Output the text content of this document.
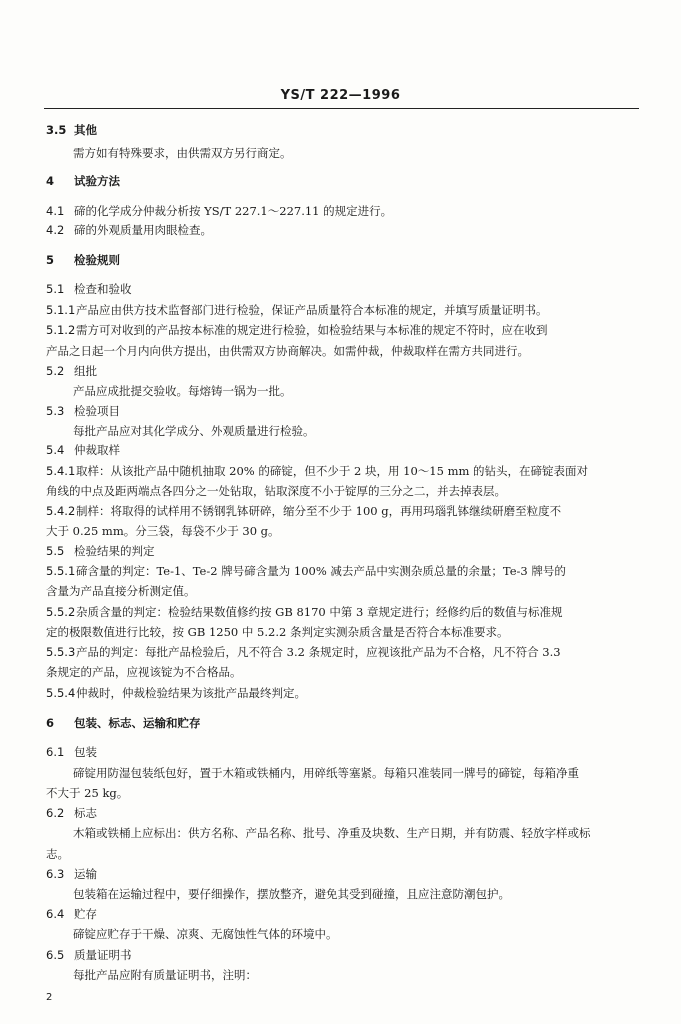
YS/T 222—1996
3.5 其他
需方如有特殊要求，由供需双方另行商定。
4 试验方法
4.1 碲的化学成分仲裁分析按 YS/T 227.1～227.11 的规定进行。
4.2 碲的外观质量用肉眼检查。
5 检验规则
5.1 检查和验收
5.1.1产品应由供方技术监督部门进行检验，保证产品质量符合本标准的规定，并填写质量证明书。
5.1.2需方可对收到的产品按本标准的规定进行检验，如检验结果与本标准的规定不符时，应在收到
产品之日起一个月内向供方提出，由供需双方协商解决。如需仲裁，仲裁取样在需方共同进行。
5.2 组批
产品应成批提交验收。每熔铸一锅为一批。
5.3 检验项目
每批产品应对其化学成分、外观质量进行检验。
5.4 仲裁取样
5.4.1取样：从该批产品中随机抽取 20% 的碲锭，但不少于 2 块，用 10～15 mm 的钻头，在碲锭表面对
角线的中点及距两端点各四分之一处钻取，钻取深度不小于锭厚的三分之二，并去掉表层。
5.4.2制样：将取得的试样用不锈钢乳钵研碎，缩分至不少于 100 g，再用玛瑙乳钵继续研磨至粒度不
大于 0.25 mm。分三袋，每袋不少于 30 g。
5.5 检验结果的判定
5.5.1碲含量的判定：Te-1、Te-2 牌号碲含量为 100% 减去产品中实测杂质总量的余量；Te-3 牌号的
含量为产品直接分析测定值。
5.5.2杂质含量的判定：检验结果数值修约按 GB 8170 中第 3 章规定进行；经修约后的数值与标准规
定的极限数值进行比较，按 GB 1250 中 5.2.2 条判定实测杂质含量是否符合本标准要求。
5.5.3产品的判定：每批产品检验后，凡不符合 3.2 条规定时，应视该批产品为不合格，凡不符合 3.3
条规定的产品，应视该锭为不合格品。
5.5.4仲裁时，仲裁检验结果为该批产品最终判定。
6 包装、标志、运输和贮存
6.1 包装
碲锭用防湿包装纸包好，置于木箱或铁桶内，用碎纸等塞紧。每箱只准装同一牌号的碲锭，每箱净重
不大于 25 kg。
6.2 标志
木箱或铁桶上应标出：供方名称、产品名称、批号、净重及块数、生产日期，并有防震、轻放字样或标
志。
6.3 运输
包装箱在运输过程中，要仔细操作，摆放整齐，避免其受到碰撞，且应注意防潮包护。
6.4 贮存
碲锭应贮存于干燥、凉爽、无腐蚀性气体的环境中。
6.5 质量证明书
每批产品应附有质量证明书，注明：
2
